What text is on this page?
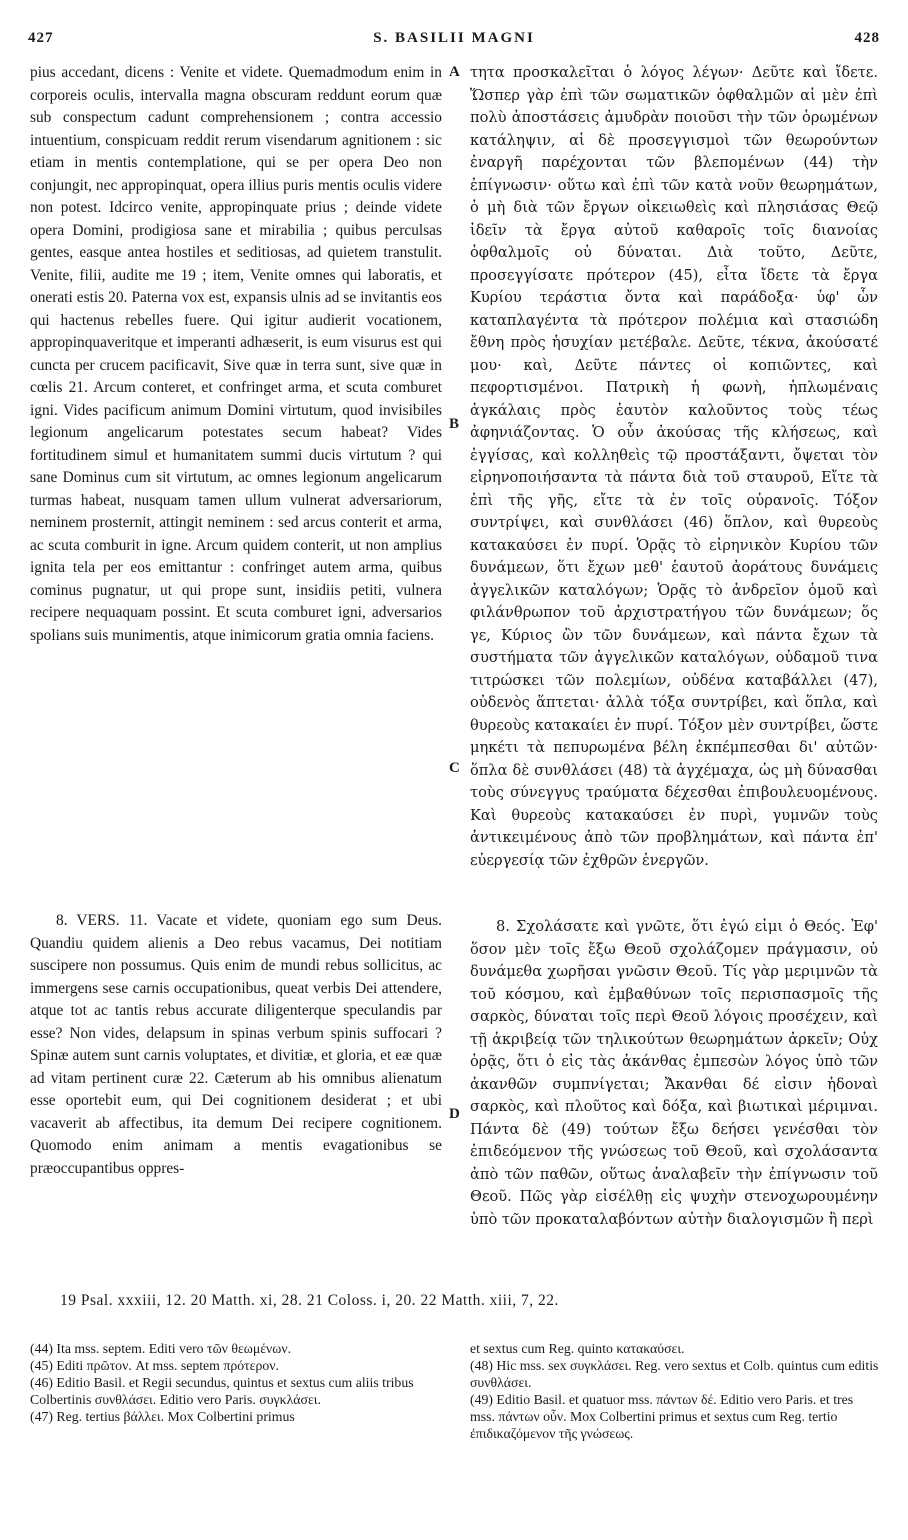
427	S. BASILII MAGNI	428

pius accedant, dicens : Venite et videte. Quemadmodum enim in corporeis oculis, intervalla magna obscuram reddunt eorum quæ sub conspectum cadunt comprehensionem ; contra accessio intuentium, conspicuam reddit rerum visendarum agnitionem : sic etiam in mentis contemplatione, qui se per opera Deo non conjungit, nec appropinquat, opera illius puris mentis oculis videre non potest. Idcirco venite, appropinquate prius ; deinde videte opera Domini, prodigiosa sane et mirabilia ; quibus perculsas gentes, easque antea hostiles et seditiosas, ad quietem transtulit. Venite, filii, audite me 19 ; item, Venite omnes qui laboratis, et onerati estis 20. Paterna vox est, expansis ulnis ad se invitantis eos qui hactenus rebelles fuere. Qui igitur audierit vocationem, appropinquaveritque et imperanti adhæserit, is eum visurus est qui cuncta per crucem pacificavit, Sive quæ in terra sunt, sive quæ in cœlis 21. Arcum conteret, et confringet arma, et scuta comburet igni. Vides pacificum animum Domini virtutum, quod invisibiles legionum angelicarum potestates secum habeat? Vides fortitudinem simul et humanitatem summi ducis virtutum ? qui sane Dominus cum sit virtutum, ac omnes legionum angelicarum turmas habeat, nusquam tamen ullum vulnerat adversariorum, neminem prosternit, attingit neminem : sed arcus conterit et arma, ac scuta comburit in igne. Arcum quidem conterit, ut non amplius ignita tela per eos emittantur : confringet autem arma, quibus cominus pugnatur, ut qui prope sunt, insidiis petiti, vulnera recipere nequaquam possint. Et scuta comburet igni, adversarios spolians suis munimentis, atque inimicorum gratia omnia faciens.

8. VERS. 11. Vacate et videte, quoniam ego sum Deus. Quandiu quidem alienis a Deo rebus vacamus, Dei notitiam suscipere non possumus. Quis enim de mundi rebus sollicitus, ac immergens sese carnis occupationibus, queat verbis Dei attendere, atque tot ac tantis rebus accurate diligenterque speculandis par esse? Non vides, delapsum in spinas verbum spinis suffocari ? Spinæ autem sunt carnis voluptates, et divitiæ, et gloria, et eæ quæ ad vitam pertinent curæ 22. Cæterum ab his omnibus alienatum esse oportebit eum, qui Dei cognitionem desiderat ; et ubi vacaverit ab affectibus, ita demum Dei recipere cognitionem. Quomodo enim animam a mentis evagationibus se præoccupantibus oppres-

τητα προσκαλεῖται ὁ λόγος λέγων· Δεῦτε καὶ ἴδετε. Ὥσπερ γὰρ ἐπὶ τῶν σωματικῶν ὀφθαλμῶν αἱ μὲν ἐπὶ πολὺ ἀποστάσεις ἀμυδρὰν ποιοῦσι τὴν τῶν ὁρωμένων κατάληψιν, αἱ δὲ προσεγγισμοὶ τῶν θεωρούντων ἐναργῆ παρέχονται τῶν βλεπομένων (44) τὴν ἐπίγνωσιν· οὕτω καὶ ἐπὶ τῶν κατὰ νοῦν θεωρημάτων, ὁ μὴ διὰ τῶν ἔργων οἰκειωθεὶς καὶ πλησιάσας Θεῷ ἰδεῖν τὰ ἔργα αὐτοῦ καθαροῖς τοῖς διανοίας ὀφθαλμοῖς οὐ δύναται. Διὰ τοῦτο, Δεῦτε, προσεγγίσατε πρότερον (45), εἶτα ἴδετε τὰ ἔργα Κυρίου τεράστια ὄντα καὶ παράδοξα· ὑφ' ὧν καταπλαγέντα τὰ πρότερον πολέμια καὶ στασιώδη ἔθνη πρὸς ἡσυχίαν μετέβαλε. Δεῦτε, τέκνα, ἀκούσατέ μου· καὶ, Δεῦτε πάντες οἱ κοπιῶντες, καὶ πεφορτισμένοι. Πατρικὴ ἡ φωνὴ, ἡπλωμέναις ἀγκάλαις πρὸς ἑαυτὸν καλοῦντος τοὺς τέως ἀφηνιάζοντας. Ὁ οὖν ἀκούσας τῆς κλήσεως, καὶ ἐγγίσας, καὶ κολληθεὶς τῷ προστάξαντι, ὄψεται τὸν εἰρηνοποιήσαντα τὰ πάντα διὰ τοῦ σταυροῦ, Εἴτε τὰ ἐπὶ τῆς γῆς, εἴτε τὰ ἐν τοῖς οὐρανοῖς. Τόξον συντρίψει, καὶ συνθλάσει (46) ὅπλον, καὶ θυρεοὺς κατακαύσει ἐν πυρί. Ὁρᾷς τὸ εἰρηνικὸν Κυρίου τῶν δυνάμεων, ὅτι ἔχων μεθ' ἑαυτοῦ ἀοράτους δυνάμεις ἀγγελικῶν καταλόγων; Ὁρᾷς τὸ ἀνδρεῖον ὁμοῦ καὶ φιλάνθρωπον τοῦ ἀρχιστρατήγου τῶν δυνάμεων; ὅς γε, Κύριος ὢν τῶν δυνάμεων, καὶ πάντα ἔχων τὰ συστήματα τῶν ἀγγελικῶν καταλόγων, οὐδαμοῦ τινα τιτρώσκει τῶν πολεμίων, οὐδένα καταβάλλει (47), οὐδενὸς ἅπτεται· ἀλλὰ τόξα συντρίβει, καὶ ὅπλα, καὶ θυρεοὺς κατακαίει ἐν πυρί. Τόξον μὲν συντρίβει, ὥστε μηκέτι τὰ πεπυρωμένα βέλη ἐκπέμπεσθαι δι' αὐτῶν· ὅπλα δὲ συνθλάσει (48) τὰ ἀγχέμαχα, ὡς μὴ δύνασθαι τοὺς σύνεγγυς τραύματα δέχεσθαι ἐπιβουλευομένους. Καὶ θυρεοὺς κατακαύσει ἐν πυρὶ, γυμνῶν τοὺς ἀντικειμένους ἀπὸ τῶν προβλημάτων, καὶ πάντα ἐπ' εὐεργεσίᾳ τῶν ἐχθρῶν ἐνεργῶν.

8. Σχολάσατε καὶ γνῶτε, ὅτι ἐγώ εἰμι ὁ Θεός. Ἐφ' ὅσον μὲν τοῖς ἔξω Θεοῦ σχολάζομεν πράγμασιν, οὐ δυνάμεθα χωρῆσαι γνῶσιν Θεοῦ. Τίς γὰρ μεριμνῶν τὰ τοῦ κόσμου, καὶ ἐμβαθύνων τοῖς περισπασμοῖς τῆς σαρκὸς, δύναται τοῖς περὶ Θεοῦ λόγοις προσέχειν, καὶ τῇ ἀκριβείᾳ τῶν τηλικούτων θεωρημάτων ἀρκεῖν; Οὐχ ὁρᾷς, ὅτι ὁ εἰς τὰς ἀκάνθας ἐμπεσὼν λόγος ὑπὸ τῶν ἀκανθῶν συμπνίγεται; Ἄκανθαι δέ εἰσιν ἡδοναὶ σαρκὸς, καὶ πλοῦτος καὶ δόξα, καὶ βιωτικαὶ μέριμναι. Πάντα δὲ (49) τούτων ἔξω δεήσει γενέσθαι τὸν ἐπιδεόμενον τῆς γνώσεως τοῦ Θεοῦ, καὶ σχολάσαντα ἀπὸ τῶν παθῶν, οὕτως ἀναλαβεῖν τὴν ἐπίγνωσιν τοῦ Θεοῦ. Πῶς γὰρ εἰσέλθῃ εἰς ψυχὴν στενοχωρουμένην ὑπὸ τῶν προκαταλαβόντων αὐτὴν διαλογισμῶν ἢ περὶ

A
B
C
D
19 Psal. xxxiii, 12. 20 Matth. xi, 28. 21 Coloss. i, 20. 22 Matth. xiii, 7, 22.

(44) Ita mss. septem. Editi vero τῶν θεωμένων.

(45) Editi πρῶτον. At mss. septem πρότερον.

(46) Editio Basil. et Regii secundus, quintus et sextus cum aliis tribus Colbertinis συνθλάσει. Editio vero Paris. συγκλάσει.

(47) Reg. tertius βάλλει. Mox Colbertini primus

et sextus cum Reg. quinto κατακαύσει.

(48) Hic mss. sex συγκλάσει. Reg. vero sextus et Colb. quintus cum editis συνθλάσει.

(49) Editio Basil. et quatuor mss. πάντων δέ. Editio vero Paris. et tres mss. πάντων οὖν. Mox Colbertini primus et sextus cum Reg. tertio ἐπιδικαζόμενον τῆς γνώσεως.
